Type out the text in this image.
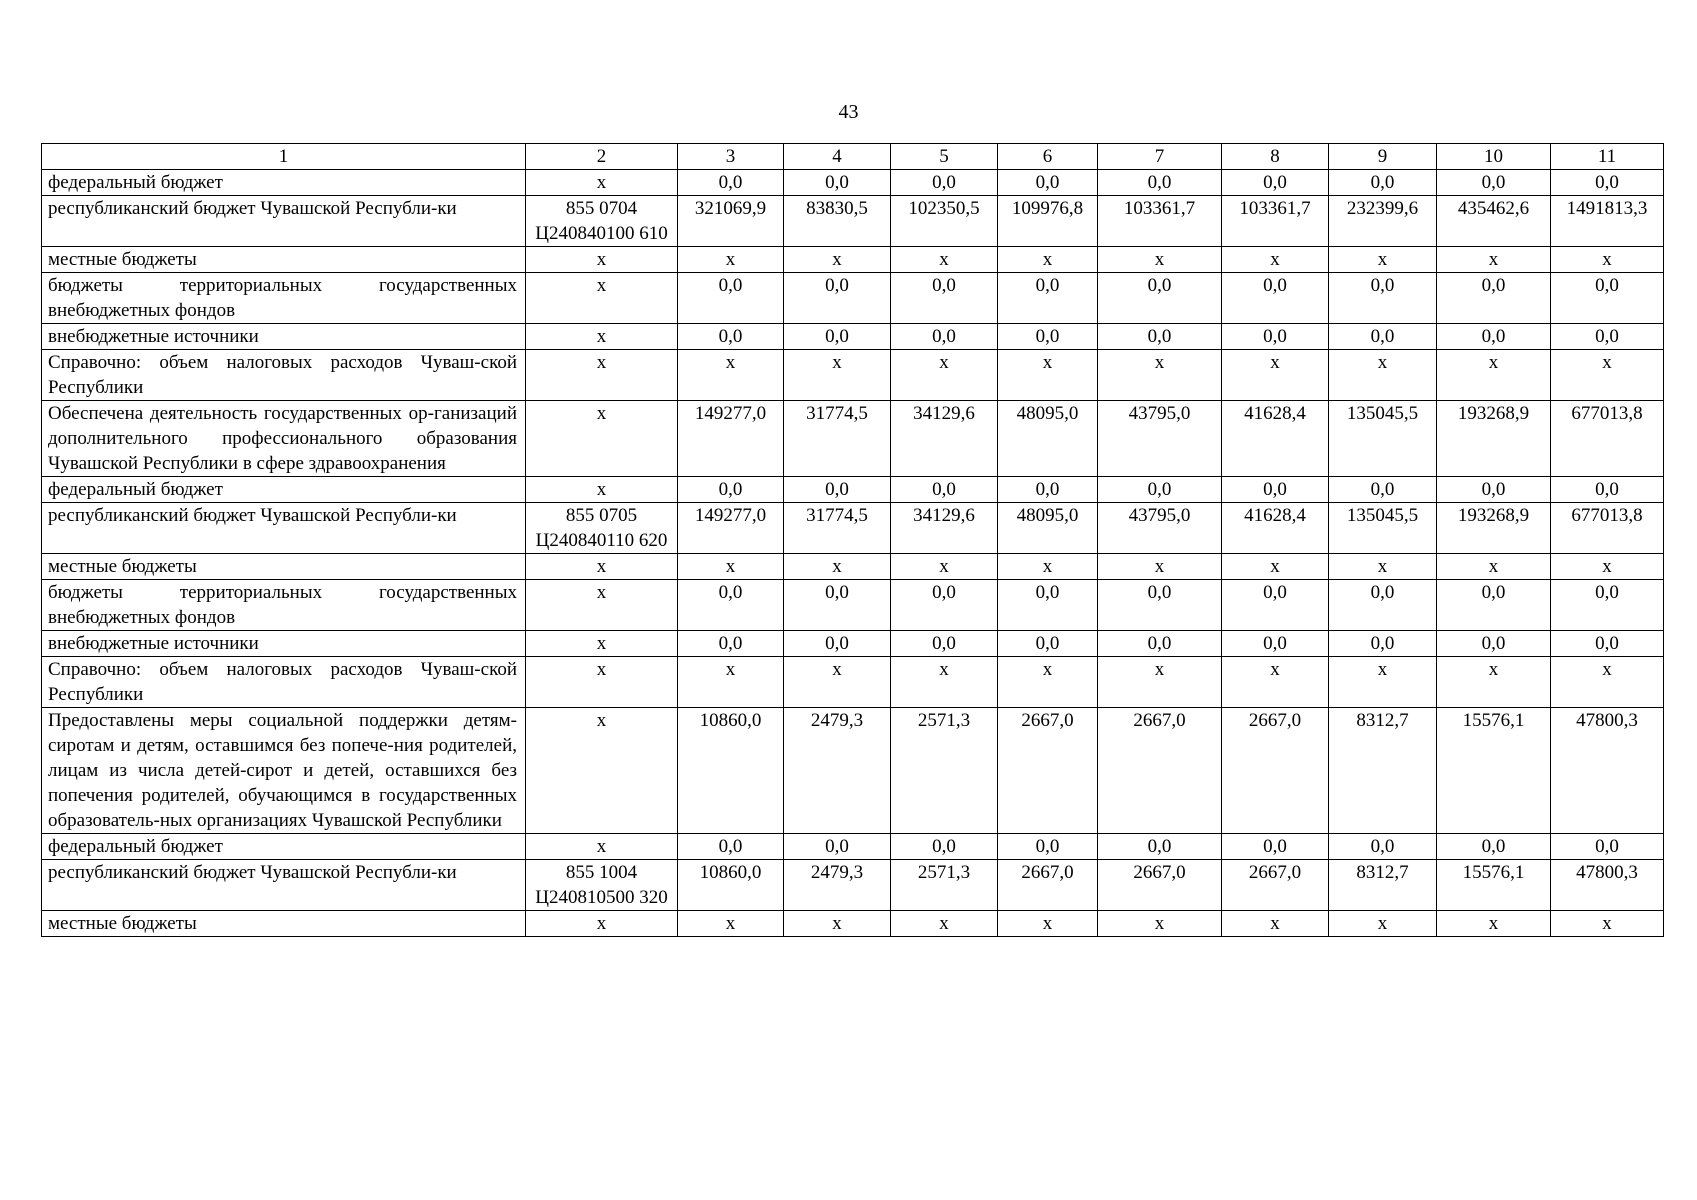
43
1	2	3	4	5	6	7	8	9	10	11
федеральный бюджет	х	0,0	0,0	0,0	0,0	0,0	0,0	0,0	0,0	0,0
республиканский бюджет Чувашской Республи-ки	855 0704 Ц240840100 610	321069,9	83830,5	102350,5	109976,8	103361,7	103361,7	232399,6	435462,6	1491813,3
местные бюджеты	х	х	х	х	х	х	х	х	х	х
бюджеты территориальных государственных внебюджетных фондов	х	0,0	0,0	0,0	0,0	0,0	0,0	0,0	0,0	0,0
внебюджетные источники	х	0,0	0,0	0,0	0,0	0,0	0,0	0,0	0,0	0,0
Справочно: объем налоговых расходов Чуваш-ской Республики	х	х	х	х	х	х	х	х	х	х
Обеспечена деятельность государственных ор-ганизаций дополнительного профессионального образования Чувашской Республики в сфере здравоохранения	х	149277,0	31774,5	34129,6	48095,0	43795,0	41628,4	135045,5	193268,9	677013,8
федеральный бюджет	х	0,0	0,0	0,0	0,0	0,0	0,0	0,0	0,0	0,0
республиканский бюджет Чувашской Республи-ки	855 0705 Ц240840110 620	149277,0	31774,5	34129,6	48095,0	43795,0	41628,4	135045,5	193268,9	677013,8
местные бюджеты	х	х	х	х	х	х	х	х	х	х
бюджеты территориальных государственных внебюджетных фондов	х	0,0	0,0	0,0	0,0	0,0	0,0	0,0	0,0	0,0
внебюджетные источники	х	0,0	0,0	0,0	0,0	0,0	0,0	0,0	0,0	0,0
Справочно: объем налоговых расходов Чуваш-ской Республики	х	х	х	х	х	х	х	х	х	х
Предоставлены меры социальной поддержки детям-сиротам и детям, оставшимся без попече-ния родителей, лицам из числа детей-сирот и детей, оставшихся без попечения родителей, обучающимся в государственных образователь-ных организациях Чувашской Республики	х	10860,0	2479,3	2571,3	2667,0	2667,0	2667,0	8312,7	15576,1	47800,3
федеральный бюджет	х	0,0	0,0	0,0	0,0	0,0	0,0	0,0	0,0	0,0
республиканский бюджет Чувашской Республи-ки	855 1004 Ц240810500 320	10860,0	2479,3	2571,3	2667,0	2667,0	2667,0	8312,7	15576,1	47800,3
местные бюджеты	х	х	х	х	х	х	х	х	х	х
